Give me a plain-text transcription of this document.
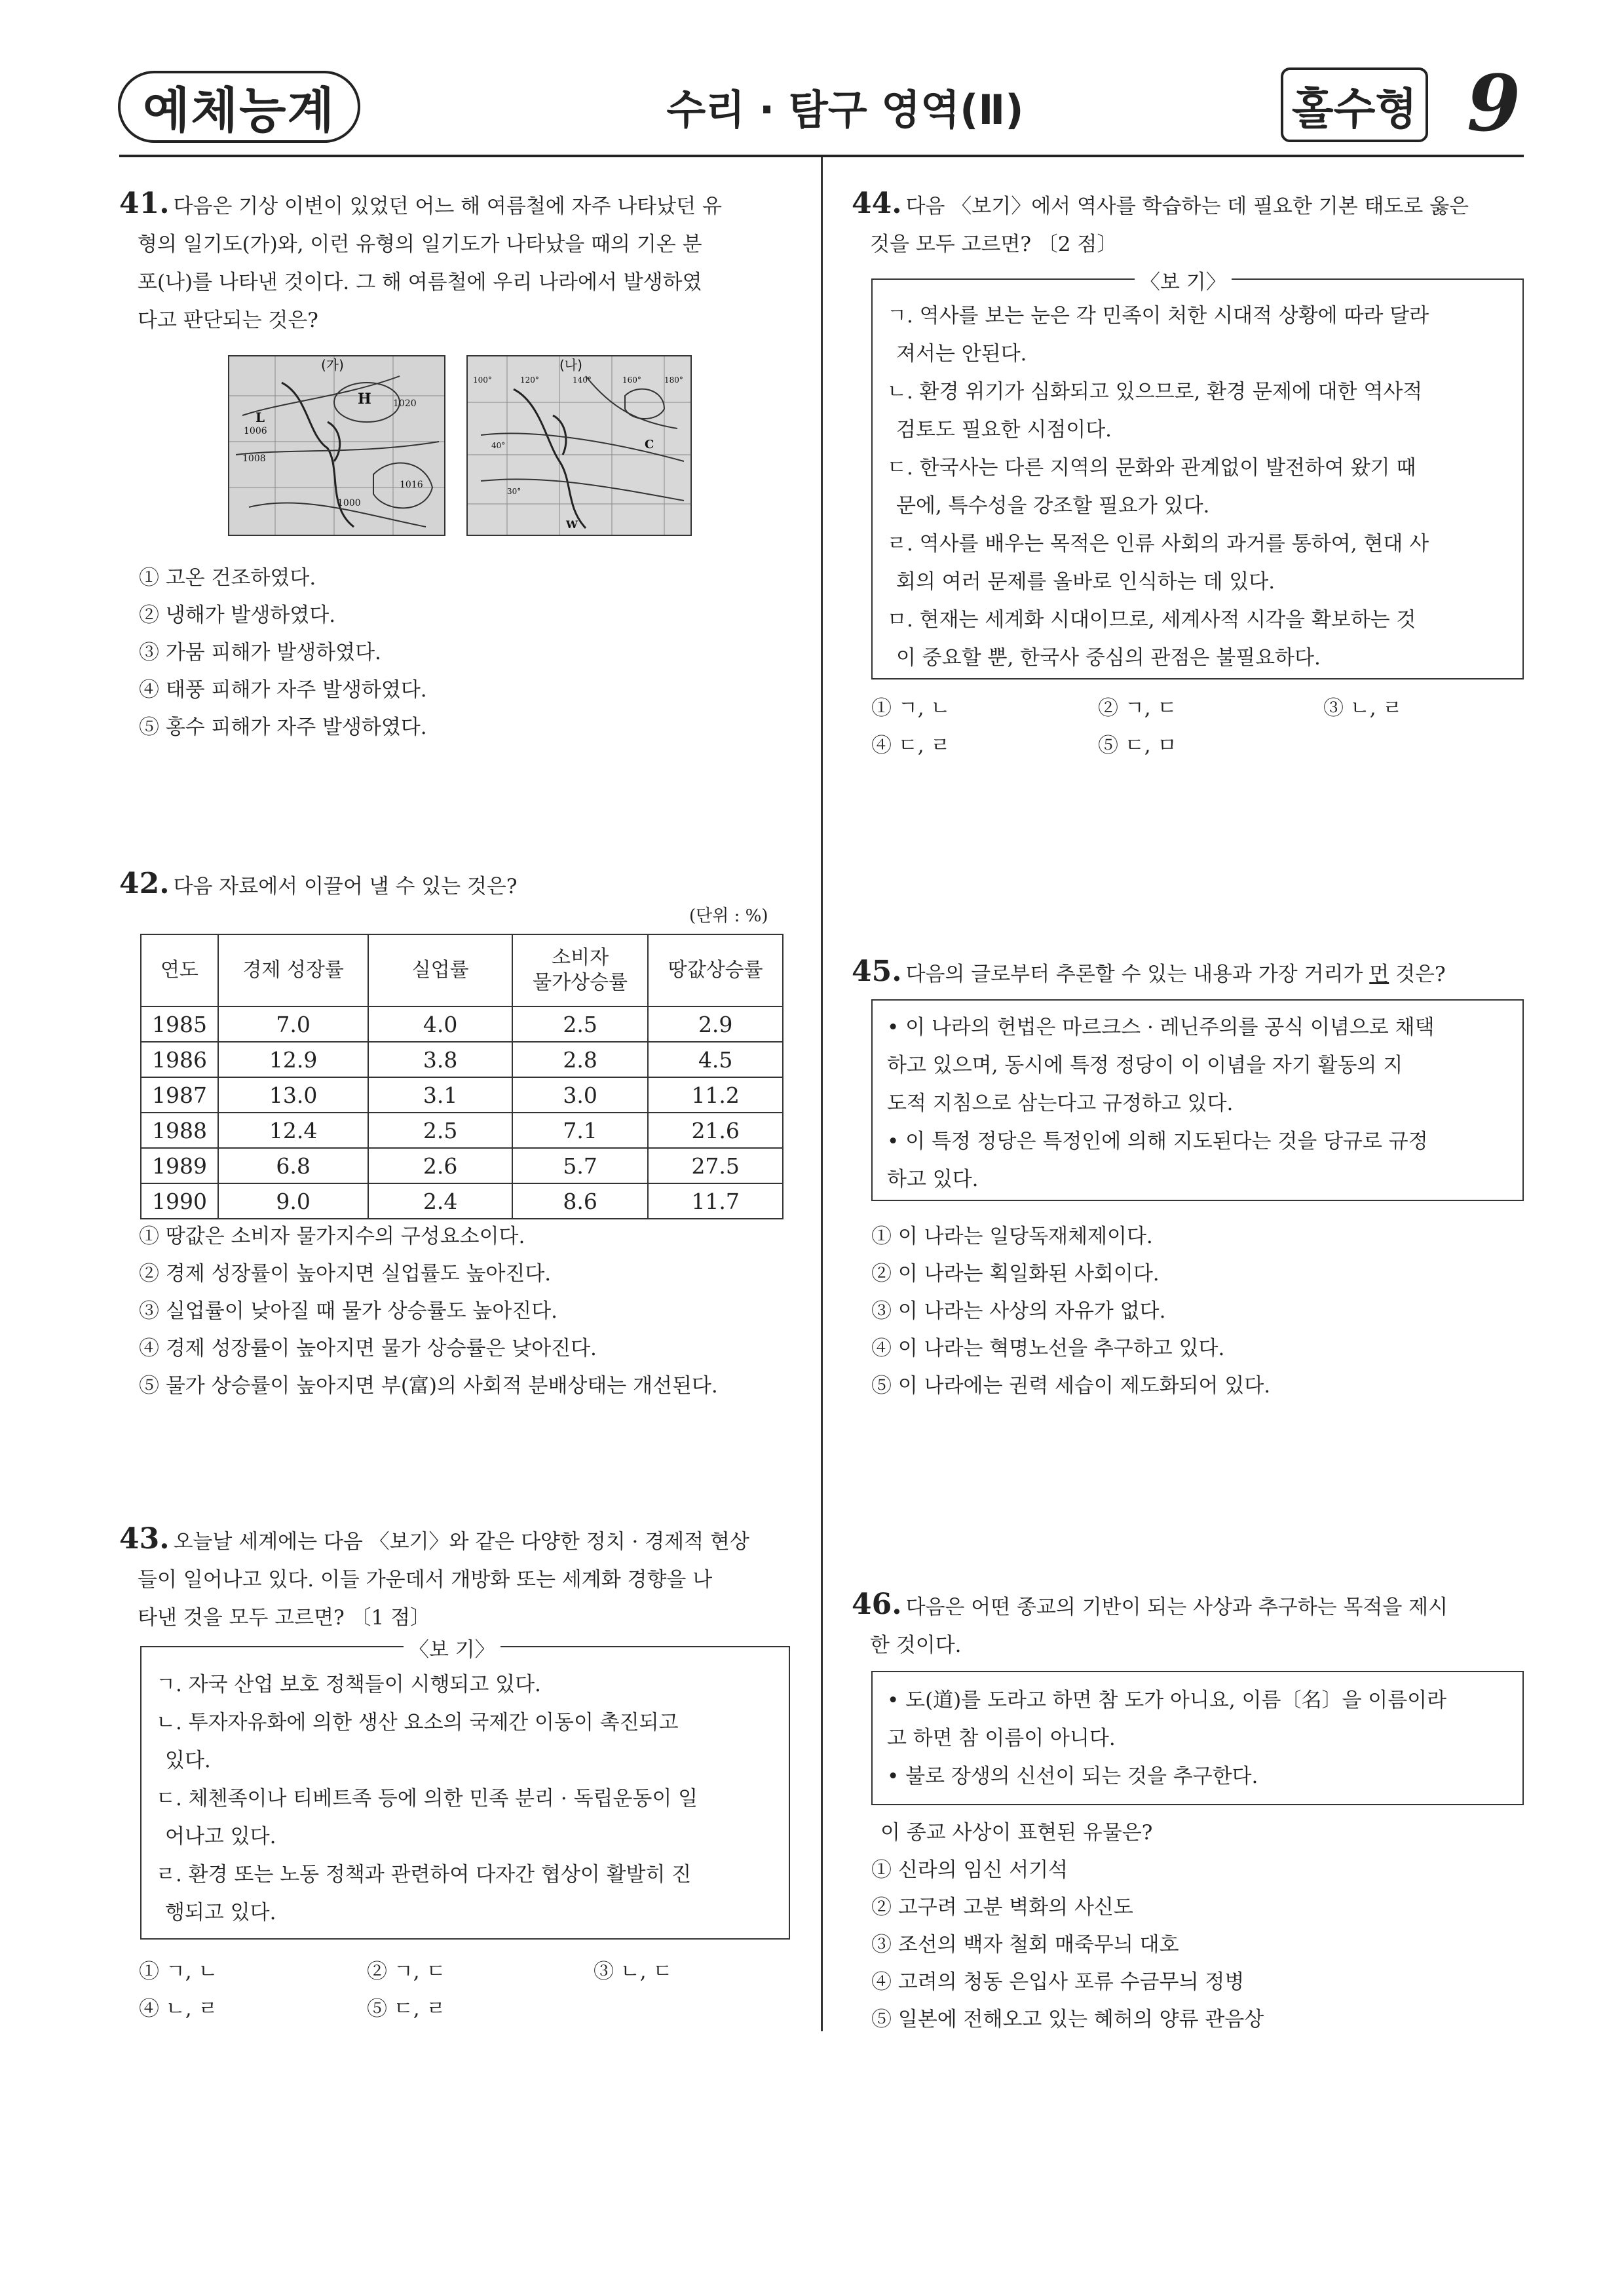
예체능계	수리 · 탐구 영역(Ⅱ)	홀수형 9
41. 다음은 기상 이변이 있었던 어느 해 여름철에 자주 나타났던 유
형의 일기도(가)와, 이런 유형의 일기도가 나타났을 때의 기온 분
포(나)를 나타낸 것이다. 그 해 여름철에 우리 나라에서 발생하였
다고 판단되는 것은?
(가)
H 1020
1006
1008
L
1000
1016
(나)
100°	120°	140°	160°	180°
40°
30°
W
C
① 고온 건조하였다.
② 냉해가 발생하였다.
③ 가뭄 피해가 발생하였다.
④ 태풍 피해가 자주 발생하였다.
⑤ 홍수 피해가 자주 발생하였다.
42. 다음 자료에서 이끌어 낼 수 있는 것은?
(단위 : %)
연도	경제 성장률	실업률	소비자
물가상승률	땅값상승률
1985	7.0	4.0	2.5	2.9
1986	12.9	3.8	2.8	4.5
1987	13.0	3.1	3.0	11.2
1988	12.4	2.5	7.1	21.6
1989	6.8	2.6	5.7	27.5
1990	9.0	2.4	8.6	11.7
① 땅값은 소비자 물가지수의 구성요소이다.
② 경제 성장률이 높아지면 실업률도 높아진다.
③ 실업률이 낮아질 때 물가 상승률도 높아진다.
④ 경제 성장률이 높아지면 물가 상승률은 낮아진다.
⑤ 물가 상승률이 높아지면 부(富)의 사회적 분배상태는 개선된다.
43. 오늘날 세계에는 다음 〈보기〉와 같은 다양한 정치 · 경제적 현상
들이 일어나고 있다. 이들 가운데서 개방화 또는 세계화 경향을 나
타낸 것을 모두 고르면? 〔1 점〕
〈보 기〉
ㄱ. 자국 산업 보호 정책들이 시행되고 있다.
ㄴ. 투자자유화에 의한 생산 요소의 국제간 이동이 촉진되고
있다.
ㄷ. 체첸족이나 티베트족 등에 의한 민족 분리 · 독립운동이 일
어나고 있다.
ㄹ. 환경 또는 노동 정책과 관련하여 다자간 협상이 활발히 진
행되고 있다.
① ㄱ, ㄴ	② ㄱ, ㄷ	③ ㄴ, ㄷ
④ ㄴ, ㄹ	⑤ ㄷ, ㄹ
44. 다음 〈보기〉에서 역사를 학습하는 데 필요한 기본 태도로 옳은
것을 모두 고르면? 〔2 점〕
〈보 기〉
ㄱ. 역사를 보는 눈은 각 민족이 처한 시대적 상황에 따라 달라
져서는 안된다.
ㄴ. 환경 위기가 심화되고 있으므로, 환경 문제에 대한 역사적
검토도 필요한 시점이다.
ㄷ. 한국사는 다른 지역의 문화와 관계없이 발전하여 왔기 때
문에, 특수성을 강조할 필요가 있다.
ㄹ. 역사를 배우는 목적은 인류 사회의 과거를 통하여, 현대 사
회의 여러 문제를 올바로 인식하는 데 있다.
ㅁ. 현재는 세계화 시대이므로, 세계사적 시각을 확보하는 것
이 중요할 뿐, 한국사 중심의 관점은 불필요하다.
① ㄱ, ㄴ	② ㄱ, ㄷ	③ ㄴ, ㄹ
④ ㄷ, ㄹ	⑤ ㄷ, ㅁ
45. 다음의 글로부터 추론할 수 있는 내용과 가장 거리가 먼 것은?
• 이 나라의 헌법은 마르크스 · 레닌주의를 공식 이념으로 채택
하고 있으며, 동시에 특정 정당이 이 이념을 자기 활동의 지
도적 지침으로 삼는다고 규정하고 있다.
• 이 특정 정당은 특정인에 의해 지도된다는 것을 당규로 규정
하고 있다.
① 이 나라는 일당독재체제이다.
② 이 나라는 획일화된 사회이다.
③ 이 나라는 사상의 자유가 없다.
④ 이 나라는 혁명노선을 추구하고 있다.
⑤ 이 나라에는 권력 세습이 제도화되어 있다.
46. 다음은 어떤 종교의 기반이 되는 사상과 추구하는 목적을 제시
한 것이다.
• 도(道)를 도라고 하면 참 도가 아니요, 이름〔名〕을 이름이라
고 하면 참 이름이 아니다.
• 불로 장생의 신선이 되는 것을 추구한다.
이 종교 사상이 표현된 유물은?
① 신라의 임신 서기석
② 고구려 고분 벽화의 사신도
③ 조선의 백자 철회 매죽무늬 대호
④ 고려의 청동 은입사 포류 수금무늬 정병
⑤ 일본에 전해오고 있는 혜허의 양류 관음상
